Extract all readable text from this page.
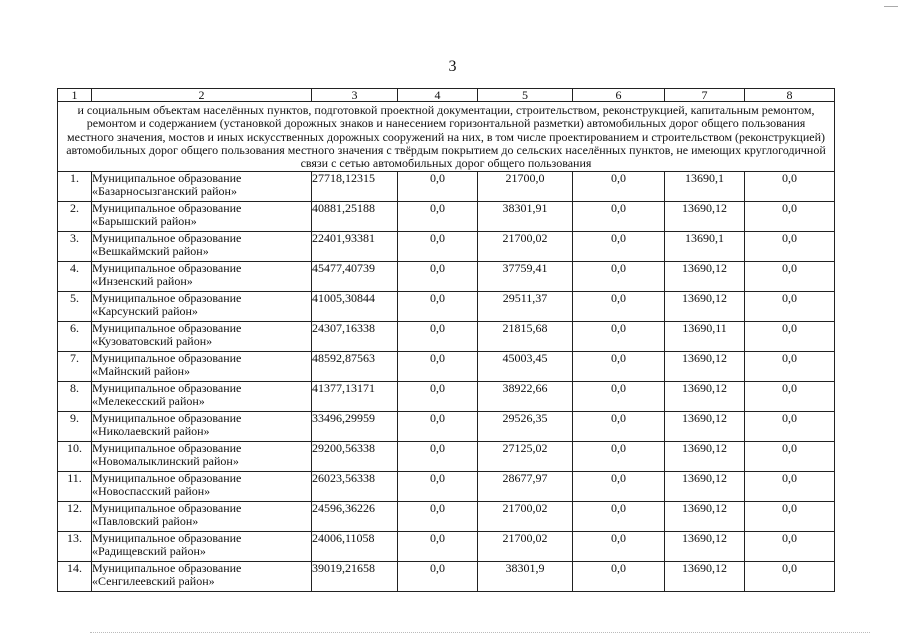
3
1	2	3	4	5	6	7	8
и социальным объектам населённых пунктов, подготовкой проектной документации, строительством, реконструкцией, капитальным ремонтом, ремонтом и содержанием (установкой дорожных знаков и нанесением горизонтальной разметки) автомобильных дорог общего пользования местного значения, мостов и иных искусственных дорожных сооружений на них, в том числе проектированием и строительством (реконструкцией) автомобильных дорог общего пользования местного значения с твёрдым покрытием до сельских населённых пунктов, не имеющих круглогодичной связи с сетью автомобильных дорог общего пользования							
1.	Муниципальное образование
«Базарносызганский район»	27718,12315	0,0	21700,0	0,0	13690,1	0,0
2.	Муниципальное образование
«Барышский район»	40881,25188	0,0	38301,91	0,0	13690,12	0,0
3.	Муниципальное образование
«Вешкаймский район»	22401,93381	0,0	21700,02	0,0	13690,1	0,0
4.	Муниципальное образование
«Инзенский район»	45477,40739	0,0	37759,41	0,0	13690,12	0,0
5.	Муниципальное образование
«Карсунский район»	41005,30844	0,0	29511,37	0,0	13690,12	0,0
6.	Муниципальное образование
«Кузоватовский район»	24307,16338	0,0	21815,68	0,0	13690,11	0,0
7.	Муниципальное образование
«Майнский район»	48592,87563	0,0	45003,45	0,0	13690,12	0,0
8.	Муниципальное образование
«Мелекесский район»	41377,13171	0,0	38922,66	0,0	13690,12	0,0
9.	Муниципальное образование
«Николаевский район»	33496,29959	0,0	29526,35	0,0	13690,12	0,0
10.	Муниципальное образование
«Новомалыклинский район»	29200,56338	0,0	27125,02	0,0	13690,12	0,0
11.	Муниципальное образование
«Новоспасский район»	26023,56338	0,0	28677,97	0,0	13690,12	0,0
12.	Муниципальное образование
«Павловский район»	24596,36226	0,0	21700,02	0,0	13690,12	0,0
13.	Муниципальное образование
«Радищевский район»	24006,11058	0,0	21700,02	0,0	13690,12	0,0
14.	Муниципальное образование
«Сенгилеевский район»	39019,21658	0,0	38301,9	0,0	13690,12	0,0
